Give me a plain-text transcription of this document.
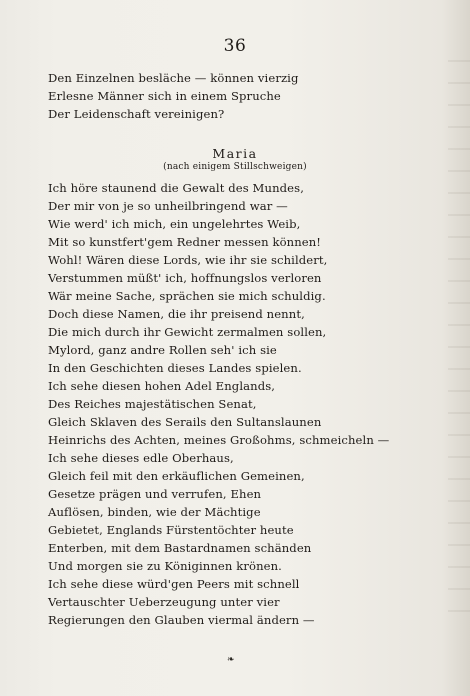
36
Den Einzelnen besläche — können vierzig
Erlesne Männer sich in einem Spruche
Der Leidenschaft vereinigen?
Maria
(nach einigem Stillschweigen)
Ich höre staunend die Gewalt des Mundes,
Der mir von je so unheilbringend war —
Wie werd' ich mich, ein ungelehrtes Weib,
Mit so kunstfert'gem Redner messen können!
Wohl! Wären diese Lords, wie ihr sie schildert,
Verstummen müßt' ich, hoffnungslos verloren
Wär meine Sache, sprächen sie mich schuldig.
Doch diese Namen, die ihr preisend nennt,
Die mich durch ihr Gewicht zermalmen sollen,
Mylord, ganz andre Rollen seh' ich sie
In den Geschichten dieses Landes spielen.
Ich sehe diesen hohen Adel Englands,
Des Reiches majestätischen Senat,
Gleich Sklaven des Serails den Sultanslaunen
Heinrichs des Achten, meines Großohms, schmeicheln —
Ich sehe dieses edle Oberhaus,
Gleich feil mit den erkäuflichen Gemeinen,
Gesetze prägen und verrufen, Ehen
Auflösen, binden, wie der Mächtige
Gebietet, Englands Fürstentöchter heute
Enterben, mit dem Bastardnamen schänden
Und morgen sie zu Königinnen krönen.
Ich sehe diese würd'gen Peers mit schnell
Vertauschter Ueberzeugung unter vier
Regierungen den Glauben viermal ändern —
❧
